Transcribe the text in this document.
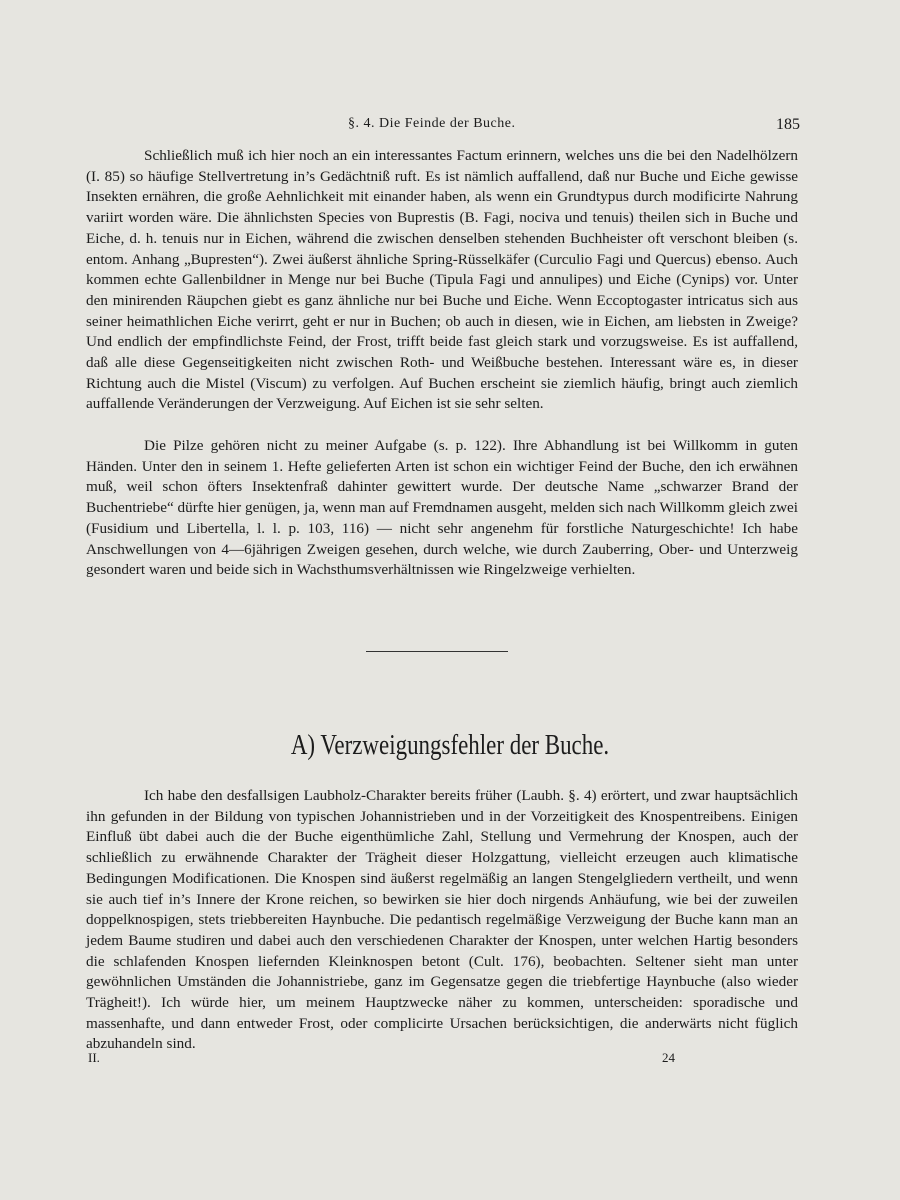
§. 4. Die Feinde der Buche.	185

Schließlich muß ich hier noch an ein interessantes Factum erinnern, welches uns die bei den Nadelhölzern (I. 85) so häufige Stellvertretung in’s Gedächtniß ruft. Es ist nämlich auffallend, daß nur Buche und Eiche gewisse Insekten ernähren, die große Aehnlichkeit mit einander haben, als wenn ein Grundtypus durch modificirte Nahrung variirt worden wäre. Die ähnlichsten Species von Buprestis (B. Fagi, nociva und tenuis) theilen sich in Buche und Eiche, d. h. tenuis nur in Eichen, während die zwischen denselben stehenden Buchheister oft verschont bleiben (s. entom. Anhang „Bupresten“). Zwei äußerst ähnliche Spring-Rüsselkäfer (Curculio Fagi und Quercus) ebenso. Auch kommen echte Gallenbildner in Menge nur bei Buche (Tipula Fagi und annulipes) und Eiche (Cynips) vor. Unter den minirenden Räupchen giebt es ganz ähnliche nur bei Buche und Eiche. Wenn Eccoptogaster intricatus sich aus seiner heimathlichen Eiche verirrt, geht er nur in Buchen; ob auch in diesen, wie in Eichen, am liebsten in Zweige? Und endlich der empfindlichste Feind, der Frost, trifft beide fast gleich stark und vorzugsweise. Es ist auffallend, daß alle diese Gegenseitigkeiten nicht zwischen Roth- und Weißbuche bestehen. Interessant wäre es, in dieser Richtung auch die Mistel (Viscum) zu verfolgen. Auf Buchen erscheint sie ziemlich häufig, bringt auch ziemlich auffallende Veränderungen der Verzweigung. Auf Eichen ist sie sehr selten.

Die Pilze gehören nicht zu meiner Aufgabe (s. p. 122). Ihre Abhandlung ist bei Willkomm in guten Händen. Unter den in seinem 1. Hefte gelieferten Arten ist schon ein wichtiger Feind der Buche, den ich erwähnen muß, weil schon öfters Insektenfraß dahinter gewittert wurde. Der deutsche Name „schwarzer Brand der Buchentriebe“ dürfte hier genügen, ja, wenn man auf Fremdnamen ausgeht, melden sich nach Willkomm gleich zwei (Fusidium und Libertella, l. l. p. 103, 116) — nicht sehr angenehm für forstliche Naturgeschichte! Ich habe Anschwellungen von 4—6jährigen Zweigen gesehen, durch welche, wie durch Zauberring, Ober- und Unterzweig gesondert waren und beide sich in Wachsthumsverhältnissen wie Ringelzweige verhielten.

A) Verzweigungsfehler der Buche.

Ich habe den desfallsigen Laubholz-Charakter bereits früher (Laubh. §. 4) erörtert, und zwar hauptsächlich ihn gefunden in der Bildung von typischen Johannistrieben und in der Vorzeitigkeit des Knospentreibens. Einigen Einfluß übt dabei auch die der Buche eigenthümliche Zahl, Stellung und Vermehrung der Knospen, auch der schließlich zu erwähnende Charakter der Trägheit dieser Holzgattung, vielleicht erzeugen auch klimatische Bedingungen Modificationen. Die Knospen sind äußerst regelmäßig an langen Stengelgliedern vertheilt, und wenn sie auch tief in’s Innere der Krone reichen, so bewirken sie hier doch nirgends Anhäufung, wie bei der zuweilen doppelknospigen, stets triebbereiten Haynbuche. Die pedantisch regelmäßige Verzweigung der Buche kann man an jedem Baume studiren und dabei auch den verschiedenen Charakter der Knospen, unter welchen Hartig besonders die schlafenden Knospen liefernden Kleinknospen betont (Cult. 176), beobachten. Seltener sieht man unter gewöhnlichen Umständen die Johannistriebe, ganz im Gegensatze gegen die triebfertige Haynbuche (also wieder Trägheit!). Ich würde hier, um meinem Hauptzwecke näher zu kommen, unterscheiden: sporadische und massenhafte, und dann entweder Frost, oder complicirte Ursachen berücksichtigen, die anderwärts nicht füglich abzuhandeln sind.

II.	24
